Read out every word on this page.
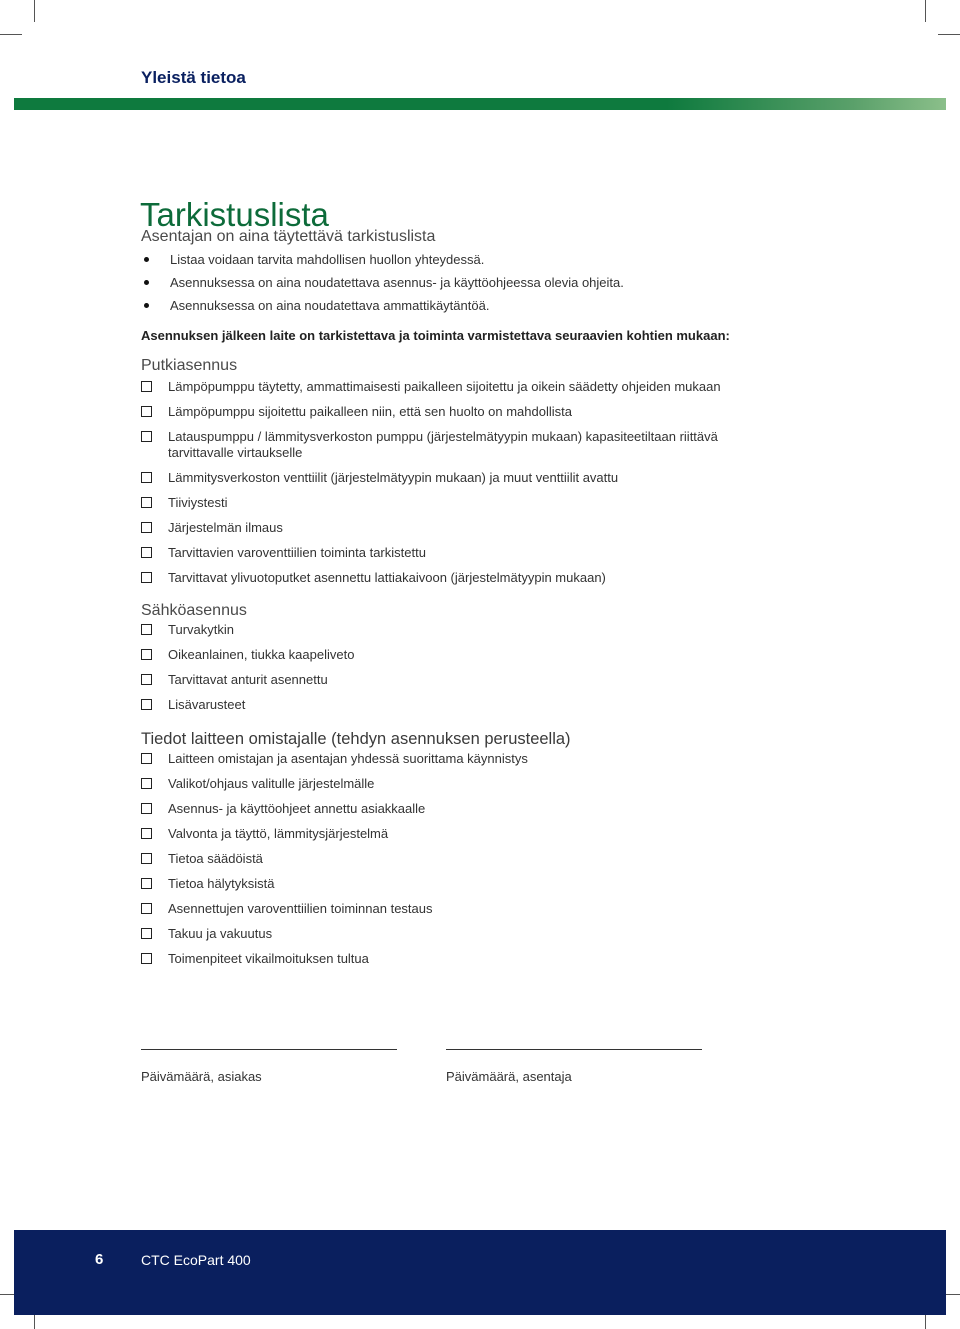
Yleistä tietoa
Tarkistuslista

Asentajan on aina täytettävä tarkistuslista

Listaa voidaan tarvita mahdollisen huollon yhteydessä.
Asennuksessa on aina noudatettava asennus- ja käyttöohjeessa olevia ohjeita.
Asennuksessa on aina noudatettava ammattikäytäntöä.
Asennuksen jälkeen laite on tarkistettava ja toiminta varmistettava seuraavien kohtien mukaan:

Putkiasennus

Lämpöpumppu täytetty, ammattimaisesti paikalleen sijoitettu ja oikein säädetty ohjeiden mukaan
Lämpöpumppu sijoitettu paikalleen niin, että sen huolto on mahdollista
Latauspumppu / lämmitysverkoston pumppu (järjestelmätyypin mukaan) kapasiteetiltaan riittävä tarvittavalle virtaukselle
Lämmitysverkoston venttiilit (järjestelmätyypin mukaan) ja muut venttiilit avattu
Tiiviystesti
Järjestelmän ilmaus
Tarvittavien varoventtiilien toiminta tarkistettu
Tarvittavat ylivuotoputket asennettu lattiakaivoon (järjestelmätyypin mukaan)

Sähköasennus

Turvakytkin
Oikeanlainen, tiukka kaapeliveto
Tarvittavat anturit asennettu
Lisävarusteet

Tiedot laitteen omistajalle (tehdyn asennuksen perusteella)

Laitteen omistajan ja asentajan yhdessä suorittama käynnistys
Valikot/ohjaus valitulle järjestelmälle
Asennus- ja käyttöohjeet annettu asiakkaalle
Valvonta ja täyttö, lämmitysjärjestelmä
Tietoa säädöistä
Tietoa hälytyksistä
Asennettujen varoventtiilien toiminnan testaus
Takuu ja vakuutus
Toimenpiteet vikailmoituksen tultua
Päivämäärä, asiakas	Päivämäärä, asentaja
6	CTC EcoPart 400
